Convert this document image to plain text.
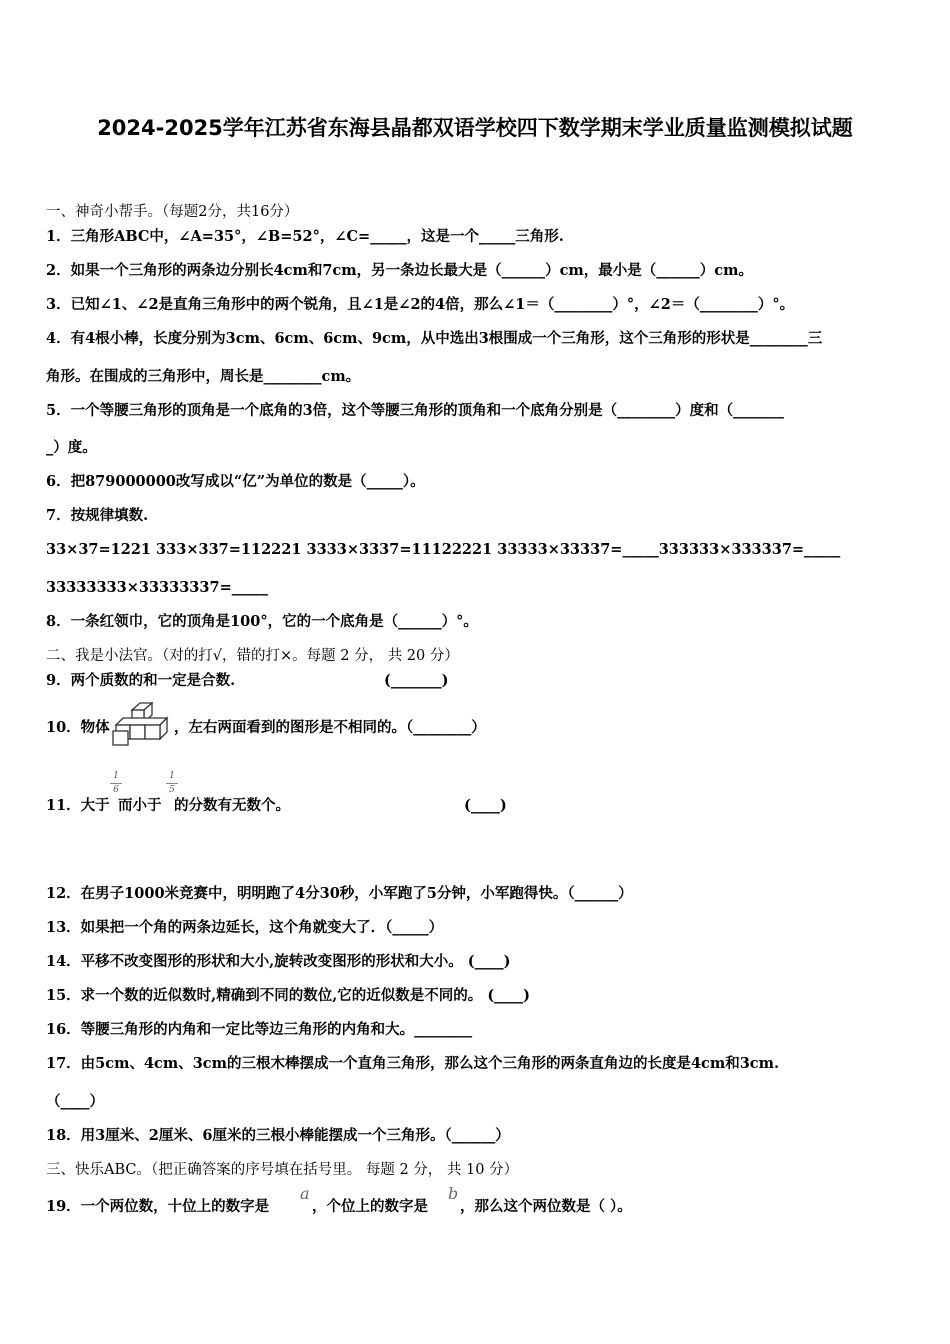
2024-2025学年江苏省东海县晶都双语学校四下数学期末学业质量监测模拟试题
一、神奇小帮手。（每题2分，共16分）
1．三角形ABC中，∠A=35°，∠B=52°，∠C=_____，这是一个_____三角形.
2．如果一个三角形的两条边分别长4cm和7cm，另一条边长最大是（______）cm，最小是（______）cm。
3．已知∠1、∠2是直角三角形中的两个锐角，且∠1是∠2的4倍，那么∠1＝（________）°，∠2＝（________）°。
4．有4根小棒，长度分别为3cm、6cm、6cm、9cm，从中选出3根围成一个三角形，这个三角形的形状是________三
角形。在围成的三角形中，周长是________cm。
5．一个等腰三角形的顶角是一个底角的3倍，这个等腰三角形的顶角和一个底角分别是（________）度和（_______
_）度。
6．把879000000改写成以“亿”为单位的数是（_____）。
7．按规律填数.
33×37=1221 333×337=112221 3333×3337=11122221 33333×33337=_____333333×333337=_____
33333333×33333337=_____
8．一条红领巾，它的顶角是100°，它的一个底角是（______）°。
二、我是小法官。（对的打√，错的打×。每题 2 分， 共 20 分）
9．两个质数的和一定是合数.	(_______)
10．物体	，左右两面看到的图形是不相同的。（________）
11．大于
1
6
而小于
1
5
的分数有无数个。	(____)
12．在男子1000米竞赛中，明明跑了4分30秒，小军跑了5分钟，小军跑得快。（______）
13．如果把一个角的两条边延长，这个角就变大了．（_____）
14．平移不改变图形的形状和大小,旋转改变图形的形状和大小。 (____)
15．求一个数的近似数时,精确到不同的数位,它的近似数是不同的。 (____)
16．等腰三角形的内角和一定比等边三角形的内角和大。________
17．由5cm、4cm、3cm的三根木棒摆成一个直角三角形，那么这个三角形的两条直角边的长度是4cm和3cm.
（____）
18．用3厘米、2厘米、6厘米的三根小棒能摆成一个三角形。（______）
三、快乐ABC。（把正确答案的序号填在括号里。 每题 2 分， 共 10 分）
19．一个两位数，十位上的数字是
a
，个位上的数字是
b
，那么这个两位数是（ ）。
